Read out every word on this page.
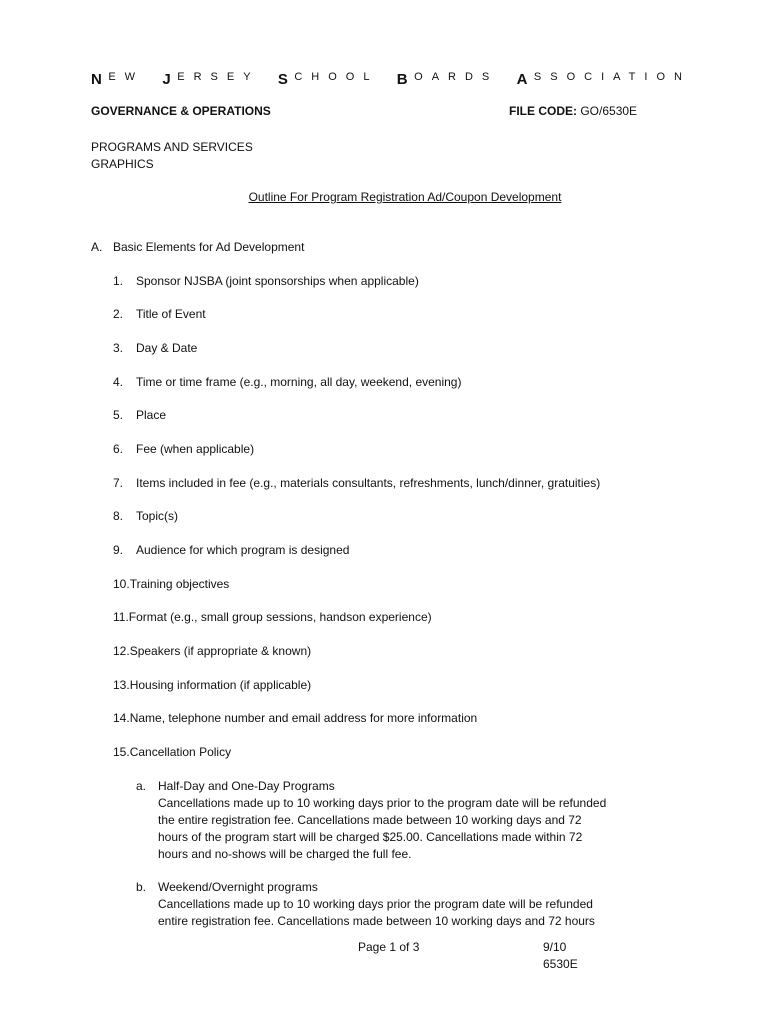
N EW J ERSEY S CHOOL B OARDS A SSOCIATION
GOVERNANCE & OPERATIONS	FILE CODE: GO/6530E
PROGRAMS AND SERVICES
GRAPHICS
Outline For Program Registration Ad/Coupon Development
A. Basic Elements for Ad Development
1. Sponsor NJSBA (joint sponsorships when applicable)
2. Title of Event
3. Day & Date
4. Time or time frame (e.g., morning, all day, weekend, evening)
5. Place
6. Fee (when applicable)
7. Items included in fee (e.g., materials consultants, refreshments, lunch/dinner, gratuities)
8. Topic(s)
9. Audience for which program is designed
10.Training objectives
11.Format (e.g., small group sessions, handson experience)
12.Speakers (if appropriate & known)
13.Housing information (if applicable)
14.Name, telephone number and email address for more information
15.Cancellation Policy
a. Half-Day and One-Day Programs
Cancellations made up to 10 working days prior to the program date will be refunded
the entire registration fee. Cancellations made between 10 working days and 72
hours of the program start will be charged $25.00. Cancellations made within 72
hours and no-shows will be charged the full fee.
b. Weekend/Overnight programs
Cancellations made up to 10 working days prior the program date will be refunded
entire registration fee. Cancellations made between 10 working days and 72 hours
Page 1 of 3	9/10
6530E
